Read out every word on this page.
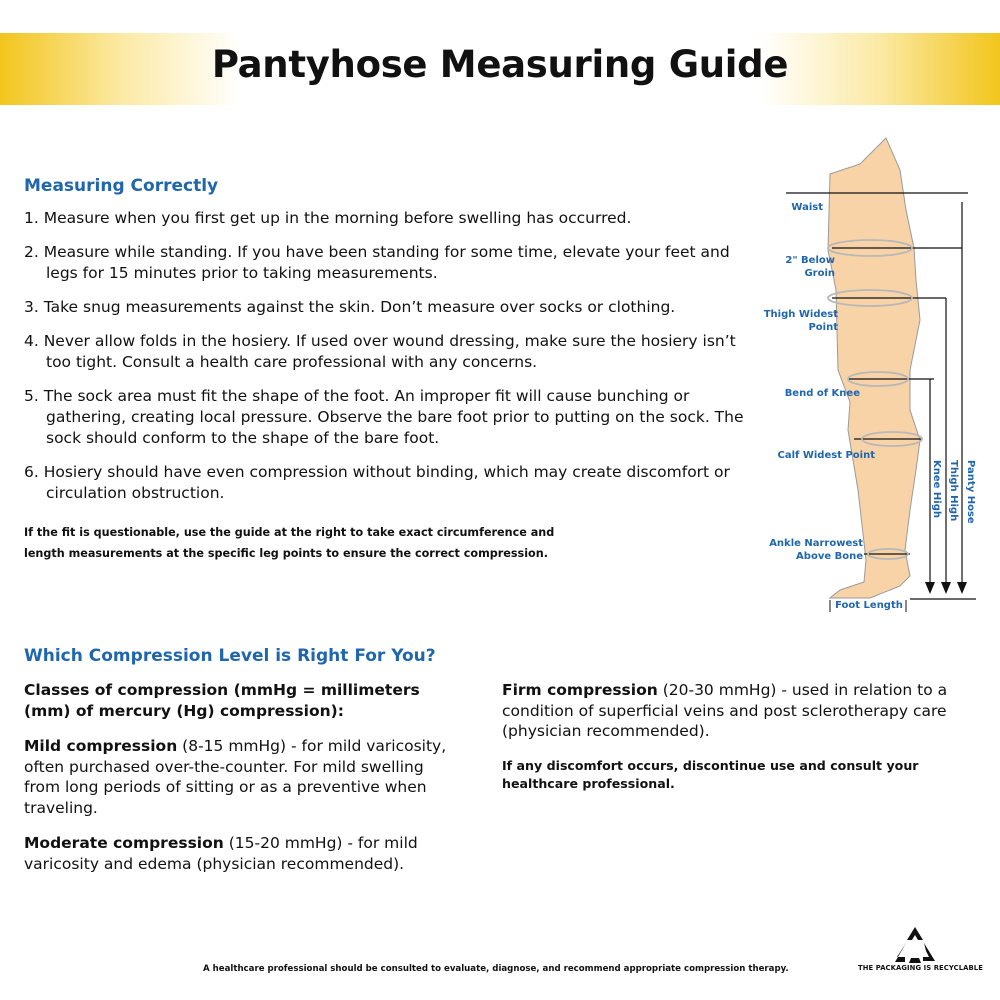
Pantyhose Measuring Guide
Measuring Correctly
1. Measure when you first get up in the morning before swelling has occurred.
2. Measure while standing. If you have been standing for some time, elevate your feet and legs for 15 minutes prior to taking measurements.
3. Take snug measurements against the skin. Don’t measure over socks or clothing.
4. Never allow folds in the hosiery. If used over wound dressing, make sure the hosiery isn’t too tight. Consult a health care professional with any concerns.
5. The sock area must fit the shape of the foot. An improper fit will cause bunching or gathering, creating local pressure. Observe the bare foot prior to putting on the sock. The sock should conform to the shape of the bare foot.
6. Hosiery should have even compression without binding, which may create discomfort or circulation obstruction.
If the fit is questionable, use the guide at the right to take exact circumference and length measurements at the specific leg points to ensure the correct compression.
Waist
2" Below Groin
Thigh Widest Point
Bend of Knee
Calf Widest Point
Ankle Narrowest Above Bone
Foot Length
Knee High Thigh High Panty Hose
Which Compression Level is Right For You?

Classes of compression (mmHg = millimeters (mm) of mercury (Hg) compression):

Mild compression (8-15 mmHg) - for mild varicosity, often purchased over-the-counter. For mild swelling from long periods of sitting or as a preventive when traveling.

Moderate compression (15-20 mmHg) - for mild varicosity and edema (physician recommended).

Firm compression (20-30 mmHg) - used in relation to a condition of superficial veins and post sclerotherapy care (physician recommended).

If any discomfort occurs, discontinue use and consult your healthcare professional.

A healthcare professional should be consulted to evaluate, diagnose, and recommend appropriate compression therapy.	THE PACKAGING IS RECYCLABLE
